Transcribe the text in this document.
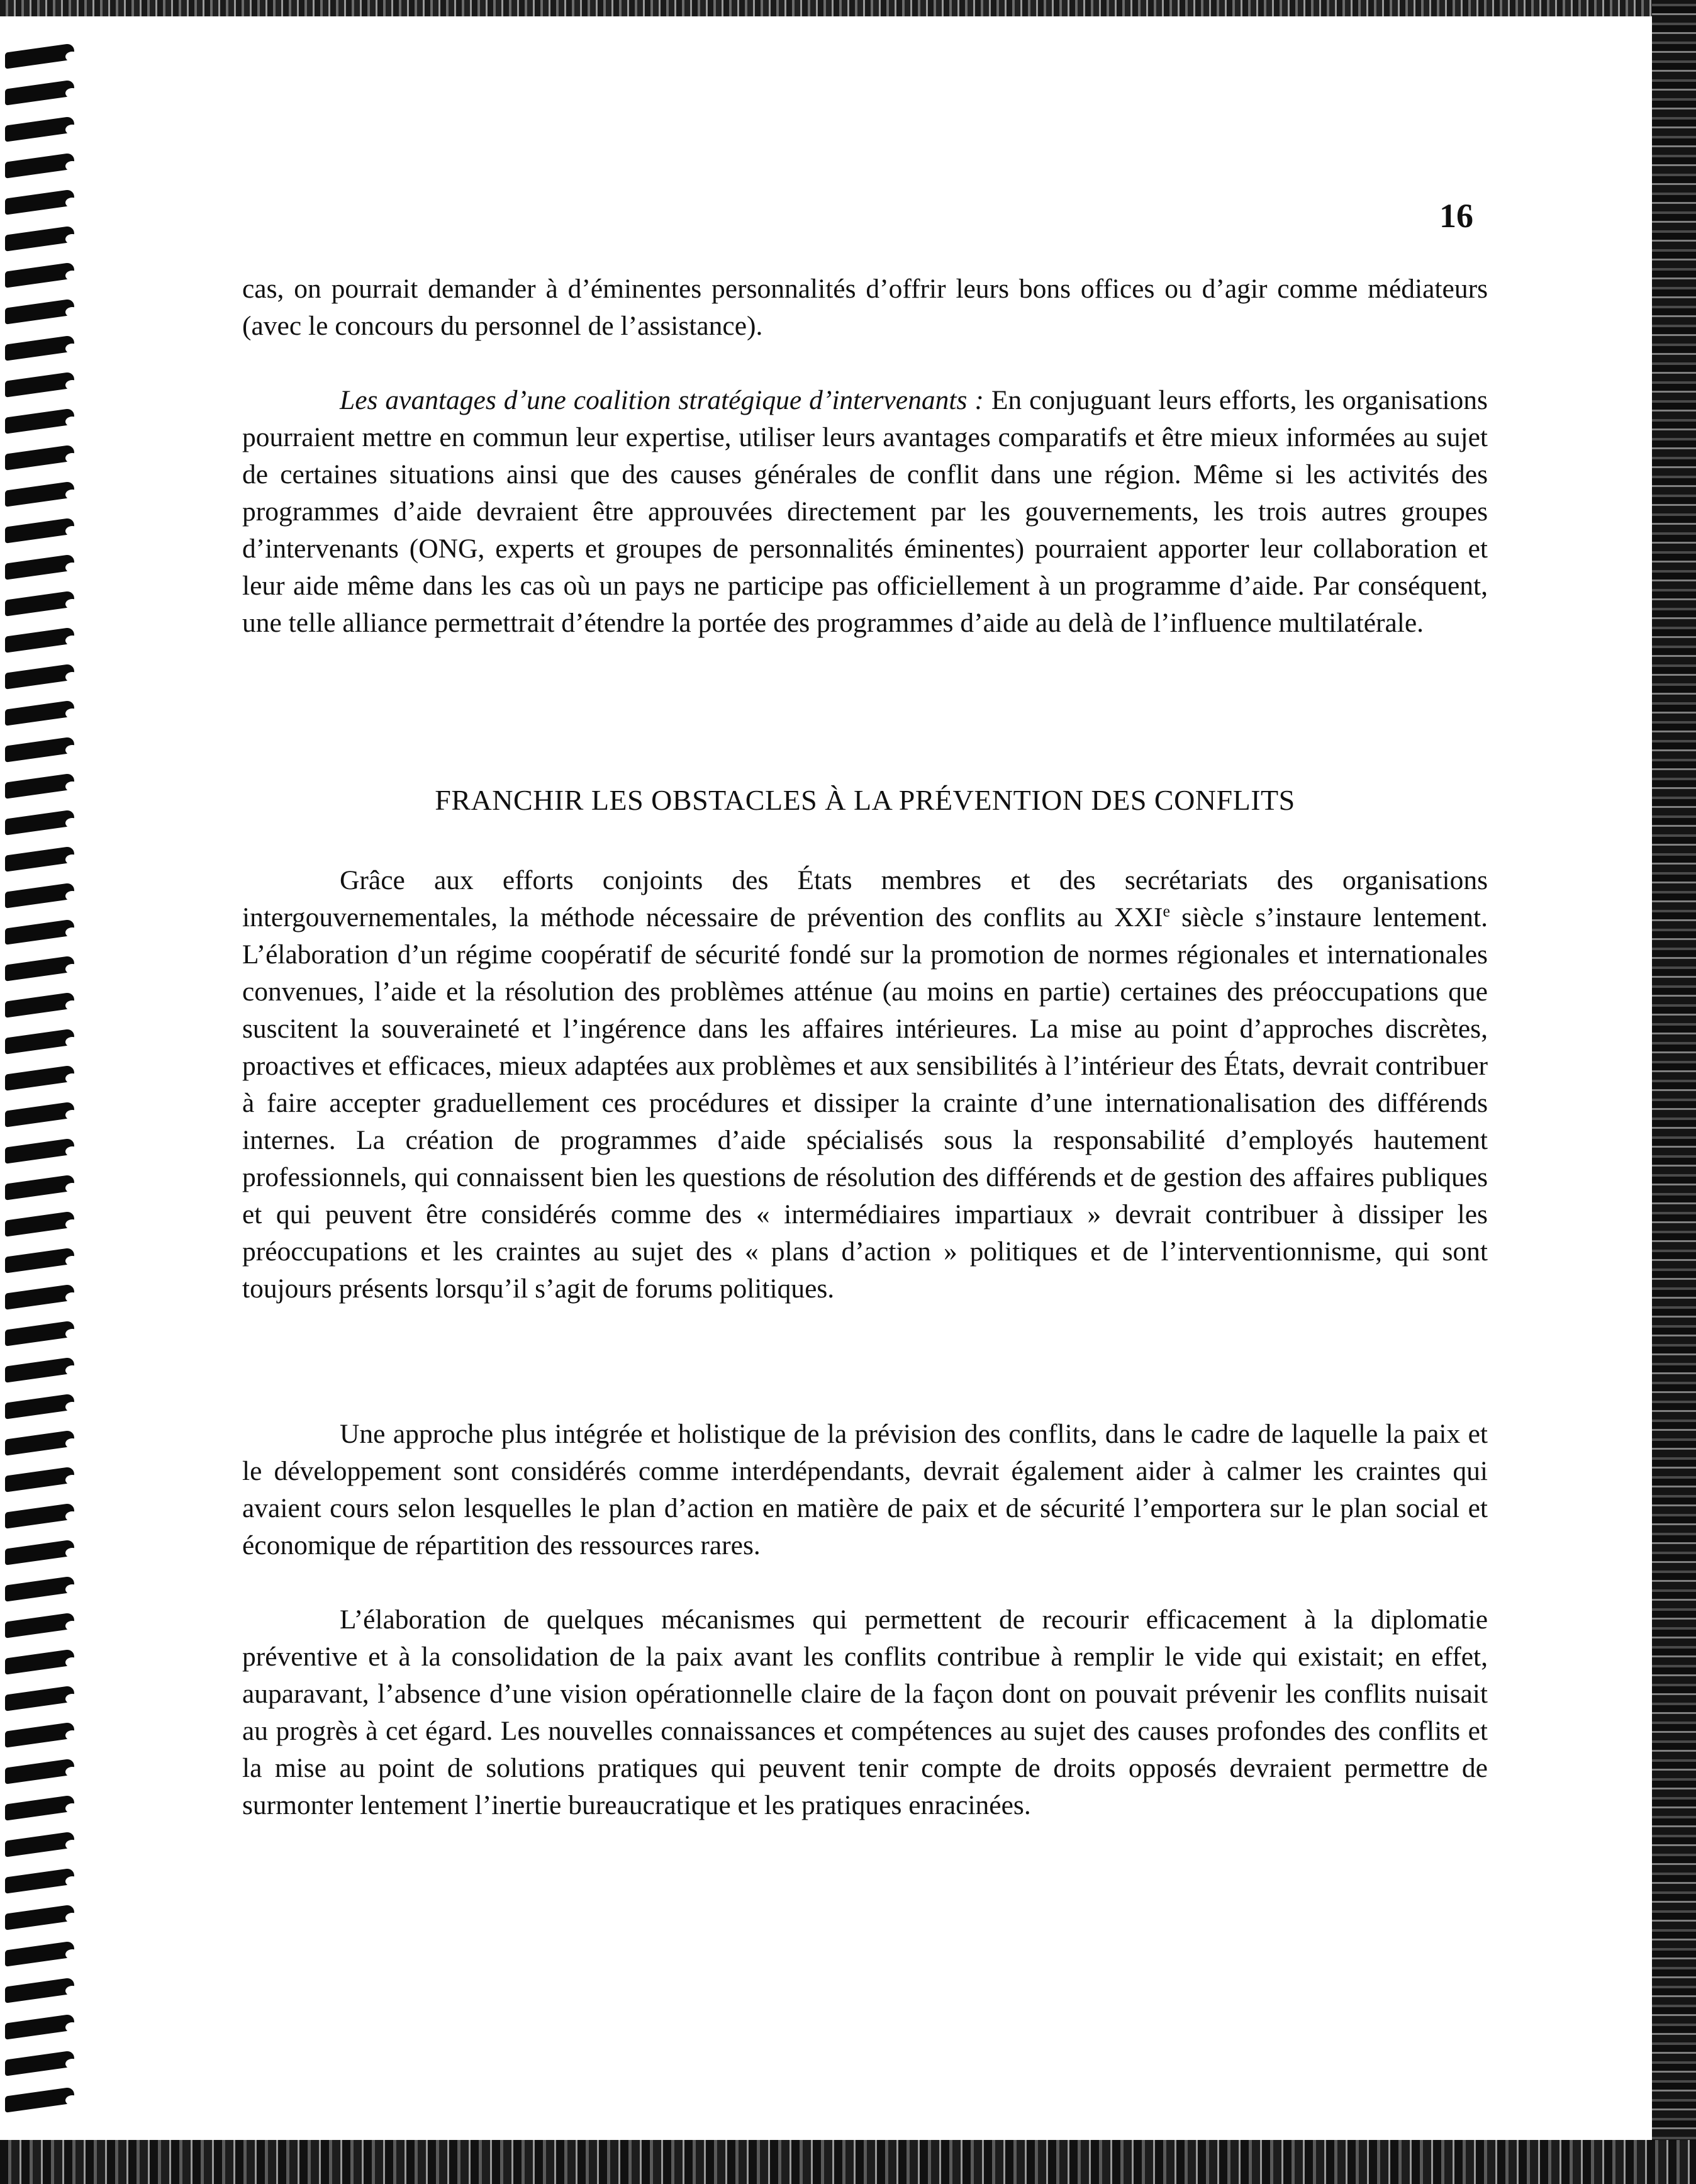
16

cas, on pourrait demander à d’éminentes personnalités d’offrir leurs bons offices ou d’agir comme médiateurs (avec le concours du personnel de l’assistance).

Les avantages d’une coalition stratégique d’intervenants : En conjuguant leurs efforts, les organisations pourraient mettre en commun leur expertise, utiliser leurs avantages comparatifs et être mieux informées au sujet de certaines situations ainsi que des causes générales de conflit dans une région. Même si les activités des programmes d’aide devraient être approuvées directement par les gouvernements, les trois autres groupes d’intervenants (ONG, experts et groupes de personnalités éminentes) pourraient apporter leur collaboration et leur aide même dans les cas où un pays ne participe pas officiellement à un programme d’aide. Par conséquent, une telle alliance permettrait d’étendre la portée des programmes d’aide au delà de l’influence multilatérale.

FRANCHIR LES OBSTACLES À LA PRÉVENTION DES CONFLITS

Grâce aux efforts conjoints des États membres et des secrétariats des organisations intergouvernementales, la méthode nécessaire de prévention des conflits au XXIe siècle s’instaure lentement. L’élaboration d’un régime coopératif de sécurité fondé sur la promotion de normes régionales et internationales convenues, l’aide et la résolution des problèmes atténue (au moins en partie) certaines des préoccupations que suscitent la souveraineté et l’ingérence dans les affaires intérieures. La mise au point d’approches discrètes, proactives et efficaces, mieux adaptées aux problèmes et aux sensibilités à l’intérieur des États, devrait contribuer à faire accepter graduellement ces procédures et dissiper la crainte d’une internationalisation des différends internes. La création de programmes d’aide spécialisés sous la responsabilité d’employés hautement professionnels, qui connaissent bien les questions de résolution des différends et de gestion des affaires publiques et qui peuvent être considérés comme des « intermédiaires impartiaux » devrait contribuer à dissiper les préoccupations et les craintes au sujet des « plans d’action » politiques et de l’interventionnisme, qui sont toujours présents lorsqu’il s’agit de forums politiques.

Une approche plus intégrée et holistique de la prévision des conflits, dans le cadre de laquelle la paix et le développement sont considérés comme interdépendants, devrait également aider à calmer les craintes qui avaient cours selon lesquelles le plan d’action en matière de paix et de sécurité l’emportera sur le plan social et économique de répartition des ressources rares.

L’élaboration de quelques mécanismes qui permettent de recourir efficacement à la diplomatie préventive et à la consolidation de la paix avant les conflits contribue à remplir le vide qui existait; en effet, auparavant, l’absence d’une vision opérationnelle claire de la façon dont on pouvait prévenir les conflits nuisait au progrès à cet égard. Les nouvelles connaissances et compétences au sujet des causes profondes des conflits et la mise au point de solutions pratiques qui peuvent tenir compte de droits opposés devraient permettre de surmonter lentement l’inertie bureaucratique et les pratiques enracinées.
